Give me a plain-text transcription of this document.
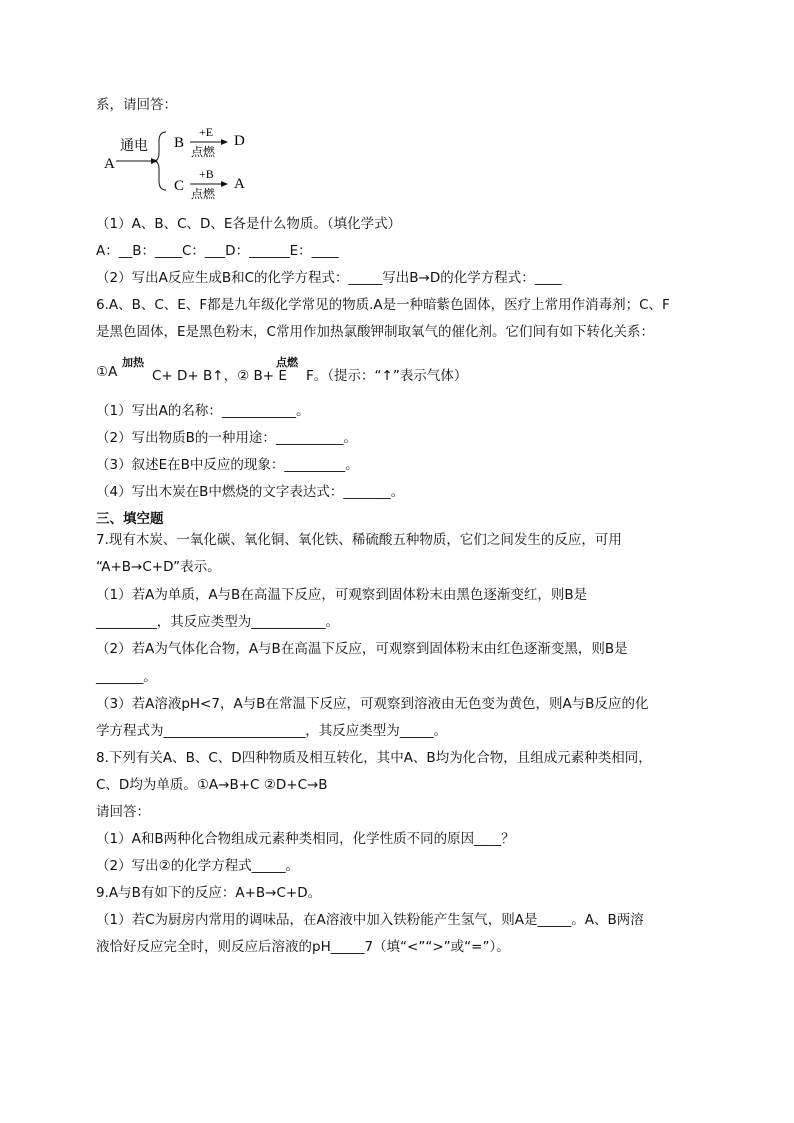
系，请回答：
A
通电 B
+E
点燃
D
C
+B
点燃
A
（1）A、B、C、D、E各是什么物质。（填化学式）
A：__B：____C：___D：______E：____
（2）写出A反应生成B和C的化学方程式：_____写出B→D的化学方程式：____
6.A、B、C、E、F都是九年级化学常见的物质.A是一种暗紫色固体，医疗上常用作消毒剂；C、F
是黑色固体，E是黑色粉末，C常用作加热氯酸钾制取氧气的催化剂。它们间有如下转化关系：
①A
加热
C+ D+ B↑，② B+ E
点燃
F。（提示：“↑”表示气体）
（1）写出A的名称：___________。
（2）写出物质B的一种用途：__________。
（3）叙述E在B中反应的现象：_________。
（4）写出木炭在B中燃烧的文字表达式：_______。
三、填空题
7.现有木炭、一氧化碳、氧化铜、氧化铁、稀硫酸五种物质，它们之间发生的反应，可用
“A+B→C+D”表示。
（1）若A为单质，A与B在高温下反应，可观察到固体粉末由黑色逐渐变红，则B是
_________，其反应类型为___________。
（2）若A为气体化合物，A与B在高温下反应，可观察到固体粉末由红色逐渐变黑，则B是
_______。
（3）若A溶液pH<7，A与B在常温下反应，可观察到溶液由无色变为黄色，则A与B反应的化
学方程式为_____________________，其反应类型为_____。
8.下列有关A、B、C、D四种物质及相互转化，其中A、B均为化合物，且组成元素种类相同，
C、D均为单质。①A→B+C ②D+C→B
请回答：
（1）A和B两种化合物组成元素种类相同，化学性质不同的原因____？
（2）写出②的化学方程式_____。
9.A与B有如下的反应：A+B→C+D。
（1）若C为厨房内常用的调味品，在A溶液中加入铁粉能产生氢气，则A是_____。A、B两溶
液恰好反应完全时，则反应后溶液的pH_____7（填“<”“>”或“=”）。
